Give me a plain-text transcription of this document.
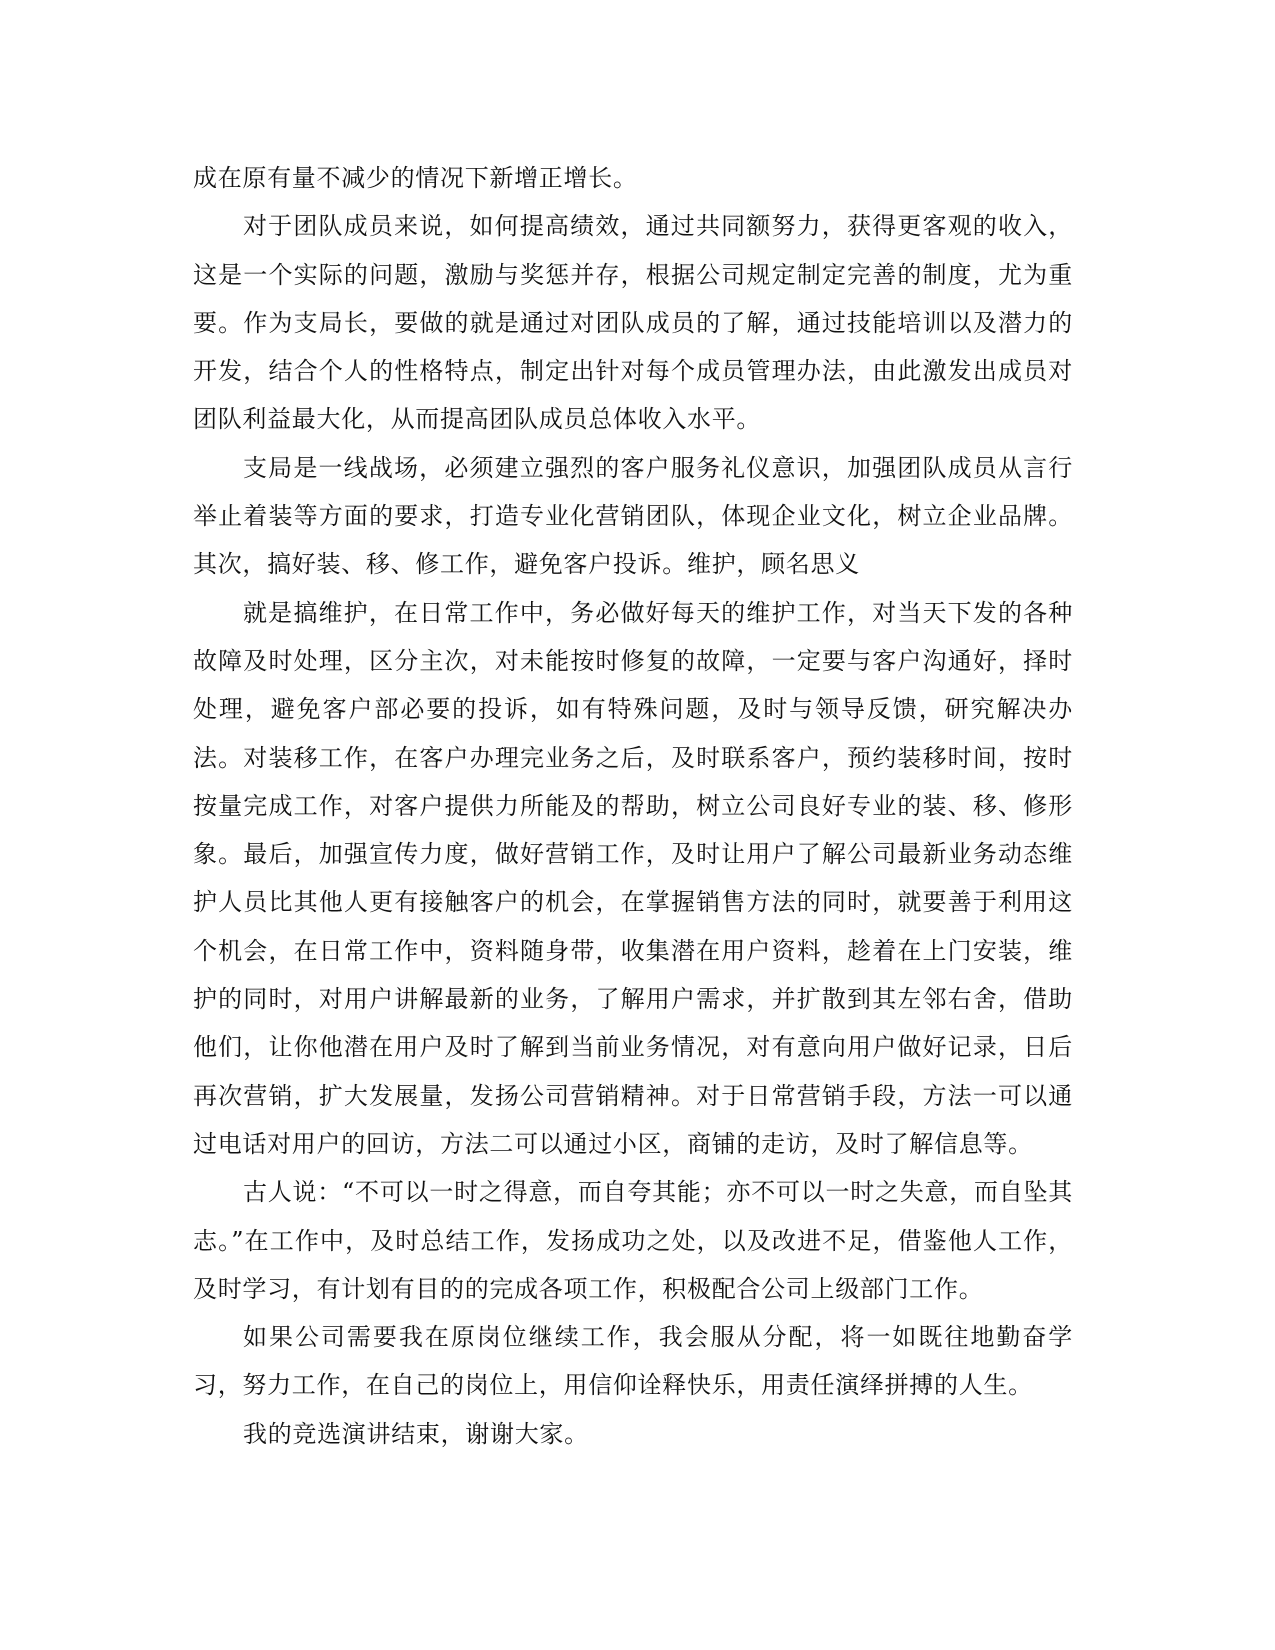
成在原有量不减少的情况下新增正增长。

对于团队成员来说，如何提高绩效，通过共同额努力，获得更客观的收入，这是一个实际的问题，激励与奖惩并存，根据公司规定制定完善的制度，尤为重要。作为支局长，要做的就是通过对团队成员的了解，通过技能培训以及潜力的开发，结合个人的性格特点，制定出针对每个成员管理办法，由此激发出成员对团队利益最大化，从而提高团队成员总体收入水平。

支局是一线战场，必须建立强烈的客户服务礼仪意识，加强团队成员从言行举止着装等方面的要求，打造专业化营销团队，体现企业文化，树立企业品牌。其次，搞好装、移、修工作，避免客户投诉。维护，顾名思义

就是搞维护，在日常工作中，务必做好每天的维护工作，对当天下发的各种故障及时处理，区分主次，对未能按时修复的故障，一定要与客户沟通好，择时处理，避免客户部必要的投诉，如有特殊问题，及时与领导反馈，研究解决办法。对装移工作，在客户办理完业务之后，及时联系客户，预约装移时间，按时按量完成工作，对客户提供力所能及的帮助，树立公司良好专业的装、移、修形象。最后，加强宣传力度，做好营销工作，及时让用户了解公司最新业务动态维护人员比其他人更有接触客户的机会，在掌握销售方法的同时，就要善于利用这个机会，在日常工作中，资料随身带，收集潜在用户资料，趁着在上门安装，维护的同时，对用户讲解最新的业务，了解用户需求，并扩散到其左邻右舍，借助他们，让你他潜在用户及时了解到当前业务情况，对有意向用户做好记录，日后再次营销，扩大发展量，发扬公司营销精神。对于日常营销手段，方法一可以通过电话对用户的回访，方法二可以通过小区，商铺的走访，及时了解信息等。

古人说：“不可以一时之得意，而自夸其能；亦不可以一时之失意，而自坠其志。”在工作中，及时总结工作，发扬成功之处，以及改进不足，借鉴他人工作，及时学习，有计划有目的的完成各项工作，积极配合公司上级部门工作。

如果公司需要我在原岗位继续工作，我会服从分配，将一如既往地勤奋学习，努力工作，在自己的岗位上，用信仰诠释快乐，用责任演绎拼搏的人生。

我的竞选演讲结束，谢谢大家。
